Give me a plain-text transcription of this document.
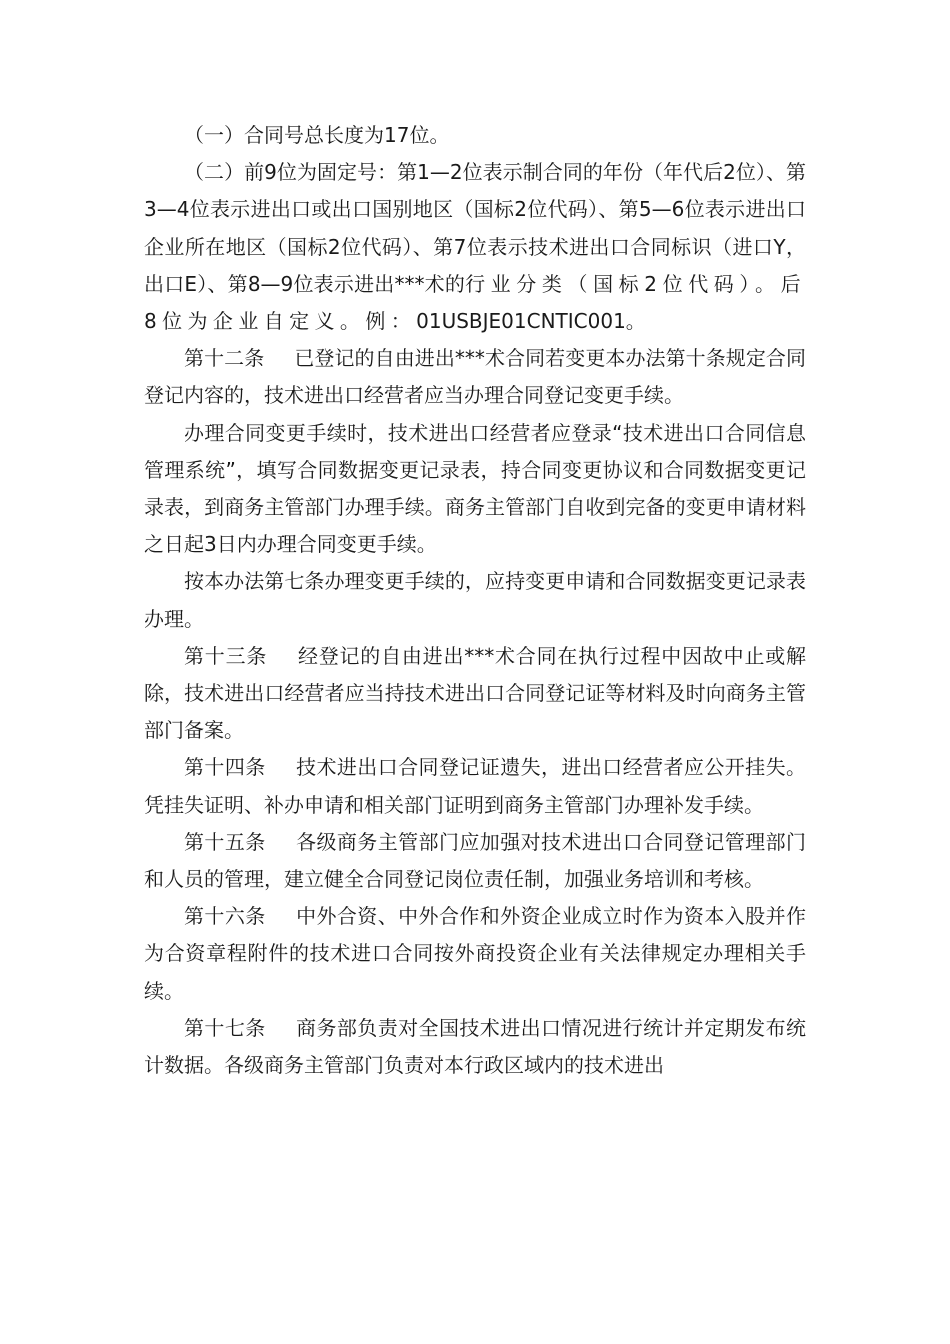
（一）合同号总长度为17位。

（二）前9位为固定号：第1—2位表示制合同的年份（年代后2位）、第3—4位表示进出口或出口国别地区（国标2位代码）、第5—6位表示进出口企业所在地区（国标2位代码）、第7位表示技术进出口合同标识（进口Y，出口E）、第8—9位表示进出***术的行业分类（国标2位代码）。后8位为企业自定义。例：01USBJE01CNTIC001。

第十二条 已登记的自由进出***术合同若变更本办法第十条规定合同登记内容的，技术进出口经营者应当办理合同登记变更手续。

办理合同变更手续时，技术进出口经营者应登录“技术进出口合同信息管理系统”，填写合同数据变更记录表，持合同变更协议和合同数据变更记录表，到商务主管部门办理手续。商务主管部门自收到完备的变更申请材料之日起3日内办理合同变更手续。

按本办法第七条办理变更手续的，应持变更申请和合同数据变更记录表办理。

第十三条 经登记的自由进出***术合同在执行过程中因故中止或解除，技术进出口经营者应当持技术进出口合同登记证等材料及时向商务主管部门备案。

第十四条 技术进出口合同登记证遗失，进出口经营者应公开挂失。凭挂失证明、补办申请和相关部门证明到商务主管部门办理补发手续。

第十五条 各级商务主管部门应加强对技术进出口合同登记管理部门和人员的管理，建立健全合同登记岗位责任制，加强业务培训和考核。

第十六条 中外合资、中外合作和外资企业成立时作为资本入股并作为合资章程附件的技术进口合同按外商投资企业有关法律规定办理相关手续。

第十七条 商务部负责对全国技术进出口情况进行统计并定期发布统计数据。各级商务主管部门负责对本行政区域内的技术进出
